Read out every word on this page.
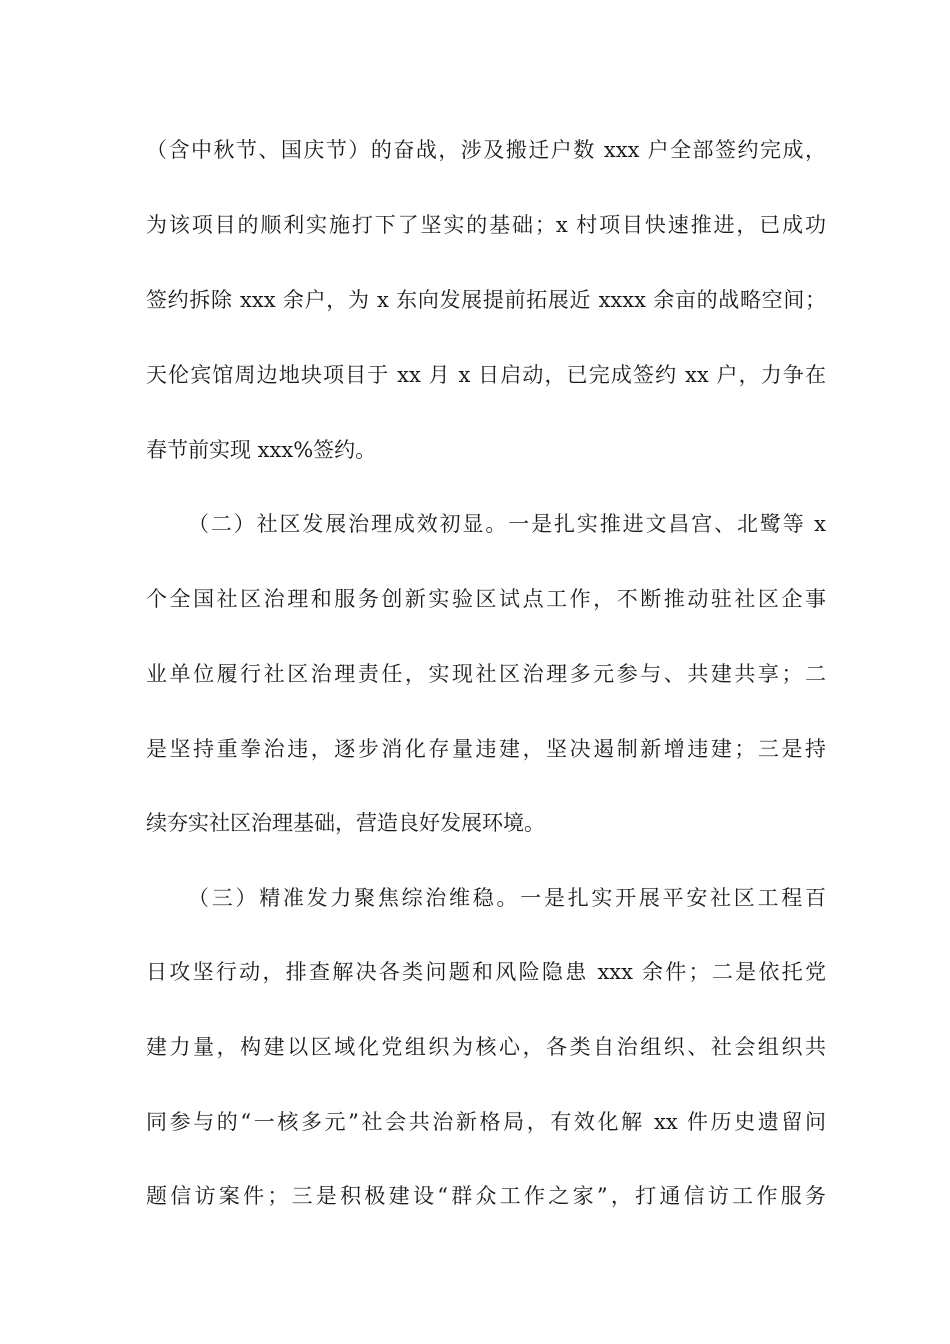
（含中秋节、国庆节）的奋战，涉及搬迁户数 xxx 户全部签约完成，
为该项目的顺利实施打下了坚实的基础；x 村项目快速推进，已成功
签约拆除 xxx 余户，为 x 东向发展提前拓展近 xxxx 余亩的战略空间；
天伦宾馆周边地块项目于 xx 月 x 日启动，已完成签约 xx 户，力争在
春节前实现 xxx%签约。
（二）社区发展治理成效初显。一是扎实推进文昌宫、北鹭等 x
个全国社区治理和服务创新实验区试点工作，不断推动驻社区企事
业单位履行社区治理责任，实现社区治理多元参与、共建共享；二
是坚持重拳治违，逐步消化存量违建，坚决遏制新增违建；三是持
续夯实社区治理基础，营造良好发展环境。
（三）精准发力聚焦综治维稳。一是扎实开展平安社区工程百
日攻坚行动，排查解决各类问题和风险隐患 xxx 余件；二是依托党
建力量，构建以区域化党组织为核心，各类自治组织、社会组织共
同参与的“一核多元”社会共治新格局，有效化解 xx 件历史遗留问
题信访案件；三是积极建设“群众工作之家”，打通信访工作服务
